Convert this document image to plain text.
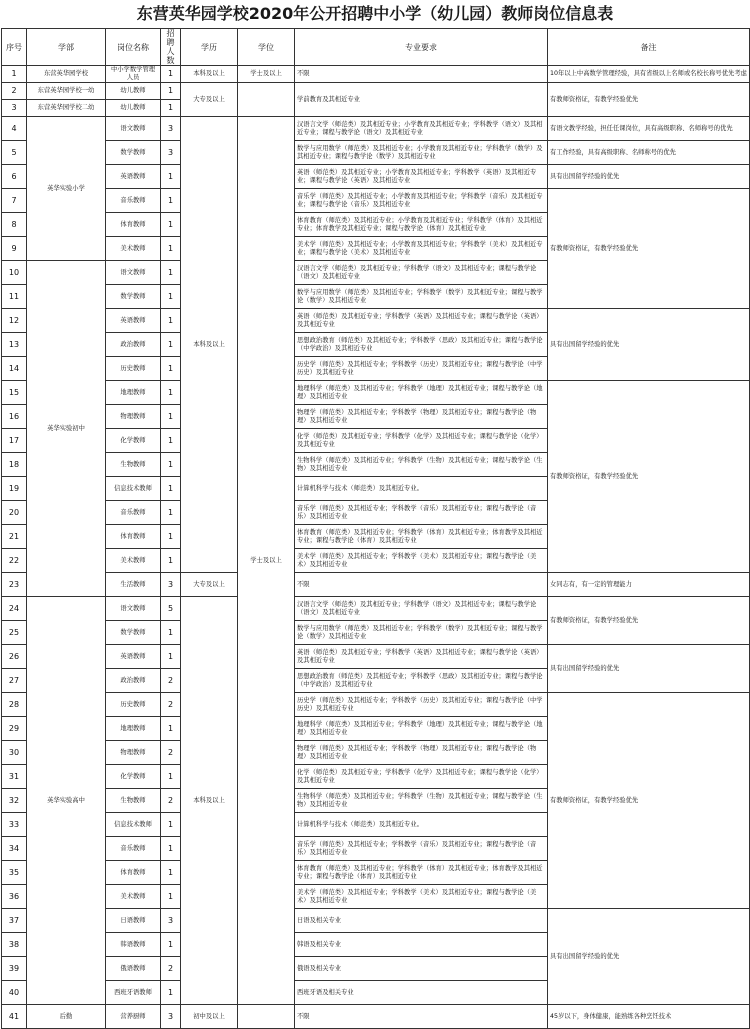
东营英华园学校2020年公开招聘中小学（幼儿园）教师岗位信息表
序号	学部	岗位名称	招聘人数	学历	学位	专业要求	备注
1	东营英华园学校	中小学数学管理人员	1	本科及以上	学士及以上	不限	10年以上中高数学管理经验，具有省级以上名师或名校长称号优先考虑
2	东营英华园学校一幼	幼儿教师	1	大专及以上		学前教育及其相近专业	有教师资格证，有教学经验优先
3	东营英华园学校二幼	幼儿教师	1				
4	英华实验小学	语文教师	3	本科及以上	学士及以上	汉语言文学（师范类）及其相近专业；小学教育及其相近专业；学科教学（语文）及其相近专业；课程与教学论（语文）及其相近专业	有语文教学经验，担任任课岗位，具有高级职称、名师称号的优先
5		数学教师	3			数学与应用数学（师范类）及其相近专业；小学教育及其相近专业；学科教学（数学）及其相近专业；课程与教学论（数学）及其相近专业	有工作经验，具有高级职称、名师称号的优先
6		英语教师	1			英语（师范类）及其相近专业；小学教育及其相近专业；学科教学（英语）及其相近专业；课程与教学论（英语）及其相近专业	具有出国留学经验的优先
7		音乐教师	1			音乐学（师范类）及其相近专业；小学教育及其相近专业；学科教学（音乐）及其相近专业；课程与教学论（音乐）及其相近专业	有教师资格证，有教学经验优先
8		体育教师	1			体育教育（师范类）及其相近专业；小学教育及其相近专业；学科教学（体育）及其相近专业；体育教学及其相近专业；课程与教学论（体育）及其相近专业	
9		美术教师	1			美术学（师范类）及其相近专业；小学教育及其相近专业；学科教学（美术）及其相近专业；课程与教学论（美术）及其相近专业	
10	英华实验初中	语文教师	1			汉语言文学（师范类）及其相近专业；学科教学（语文）及其相近专业；课程与教学论（语文）及其相近专业	
11		数学教师	1			数学与应用数学（师范类）及其相近专业；学科教学（数学）及其相近专业；课程与教学论（数学）及其相近专业	
12		英语教师	1			英语（师范类）及其相近专业；学科教学（英语）及其相近专业；课程与教学论（英语）及其相近专业	具有出国留学经验的优先
13		政治教师	1			思想政治教育（师范类）及其相近专业；学科教学（思政）及其相近专业；课程与教学论（中学政治）及其相近专业	
14		历史教师	1			历史学（师范类）及其相近专业；学科教学（历史）及其相近专业；课程与教学论（中学历史）及其相近专业	
15		地理教师	1			地理科学（师范类）及其相近专业；学科教学（地理）及其相近专业；课程与教学论（地理）及其相近专业	有教师资格证，有教学经验优先
16		物理教师	1			物理学（师范类）及其相近专业；学科教学（物理）及其相近专业；课程与教学论（物理）及其相近专业	
17		化学教师	1			化学（师范类）及其相近专业；学科教学（化学）及其相近专业；课程与教学论（化学）及其相近专业	
18		生物教师	1			生物科学（师范类）及其相近专业；学科教学（生物）及其相近专业；课程与教学论（生物）及其相近专业	
19		信息技术教师	1			计算机科学与技术（师范类）及其相近专业。	
20		音乐教师	1			音乐学（师范类）及其相近专业；学科教学（音乐）及其相近专业；课程与教学论（音乐）及其相近专业	
21		体育教师	1			体育教育（师范类）及其相近专业；学科教学（体育）及其相近专业；体育教学及其相近专业；课程与教学论（体育）及其相近专业	
22		美术教师	1			美术学（师范类）及其相近专业；学科教学（美术）及其相近专业；课程与教学论（美术）及其相近专业	
23		生活教师	3	大专及以上		不限	女同志有，有一定的管理能力
24	英华实验高中	语文教师	5	本科及以上		汉语言文学（师范类）及其相近专业；学科教学（语文）及其相近专业；课程与教学论（语文）及其相近专业	有教师资格证，有教学经验优先
25		数学教师	1			数学与应用数学（师范类）及其相近专业；学科教学（数学）及其相近专业；课程与教学论（数学）及其相近专业	
26		英语教师	1			英语（师范类）及其相近专业；学科教学（英语）及其相近专业；课程与教学论（英语）及其相近专业	具有出国留学经验的优先
27		政治教师	2			思想政治教育（师范类）及其相近专业；学科教学（思政）及其相近专业；课程与教学论（中学政治）及其相近专业	
28		历史教师	2			历史学（师范类）及其相近专业；学科教学（历史）及其相近专业；课程与教学论（中学历史）及其相近专业	有教师资格证，有教学经验优先
29		地理教师	1			地理科学（师范类）及其相近专业；学科教学（地理）及其相近专业；课程与教学论（地理）及其相近专业	
30		物理教师	2			物理学（师范类）及其相近专业；学科教学（物理）及其相近专业；课程与教学论（物理）及其相近专业	
31		化学教师	1			化学（师范类）及其相近专业；学科教学（化学）及其相近专业；课程与教学论（化学）及其相近专业	
32		生物教师	2			生物科学（师范类）及其相近专业；学科教学（生物）及其相近专业；课程与教学论（生物）及其相近专业	
33		信息技术教师	1			计算机科学与技术（师范类）及其相近专业。	
34		音乐教师	1			音乐学（师范类）及其相近专业；学科教学（音乐）及其相近专业；课程与教学论（音乐）及其相近专业	
35		体育教师	1			体育教育（师范类）及其相近专业；学科教学（体育）及其相近专业；体育教学及其相近专业；课程与教学论（体育）及其相近专业	
36		美术教师	1			美术学（师范类）及其相近专业；学科教学（美术）及其相近专业；课程与教学论（美术）及其相近专业	
37		日语教师	3			日语及相关专业	具有出国留学经验的优先
38		韩语教师	1			韩语及相关专业	
39		俄语教师	2			俄语及相关专业	
40		西班牙语教师	1			西班牙语及相关专业	
41	后勤	营养厨师	3	初中及以上		不限	45岁以下，身体健康，能熟练各种烹饪技术
